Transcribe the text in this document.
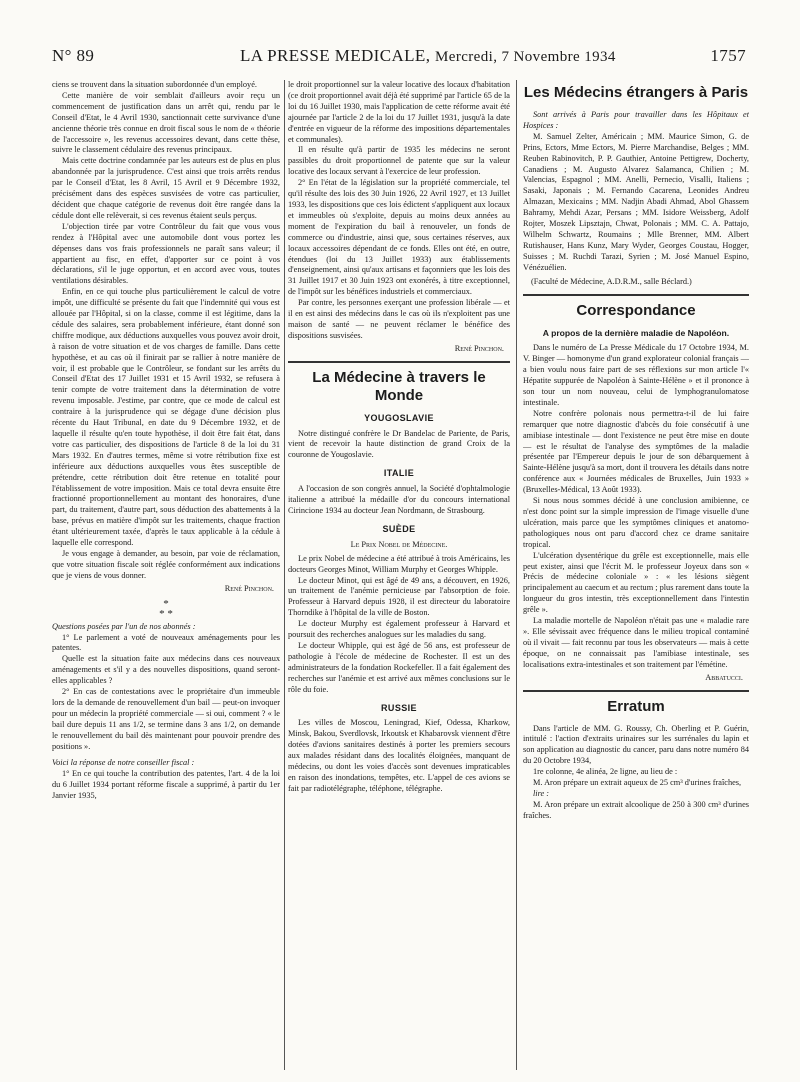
N° 89	LA PRESSE MEDICALE, Mercredi, 7 Novembre 1934	1757

ciens se trouvent dans la situation subordonnée d'un employé.

Cette manière de voir semblait d'ailleurs avoir reçu un commencement de justification dans un arrêt qui, rendu par le Conseil d'Etat, le 4 Avril 1930, sanctionnait cette survivance d'une ancienne théorie très connue en droit fiscal sous le nom de « théorie de l'accessoire », les revenus accessoires devant, dans cette thèse, suivre le classement cédulaire des revenus principaux.

Mais cette doctrine condamnée par les auteurs est de plus en plus abandonnée par la jurisprudence. C'est ainsi que trois arrêts rendus par le Conseil d'Etat, les 8 Avril, 15 Avril et 9 Décembre 1932, précisément dans des espèces susvisées de votre cas particulier, décident que chaque catégorie de revenus doit être rangée dans la cédule dont elle relèverait, si ces revenus étaient seuls perçus.

L'objection tirée par votre Contrôleur du fait que vous vous rendez à l'Hôpital avec une automobile dont vous portez les dépenses dans vos frais professionnels ne paraît sans valeur; il appartient au fisc, en effet, d'apporter sur ce point à vos déclarations, s'il le juge opportun, et en accord avec vous, toutes ventilations désirables.

Enfin, en ce qui touche plus particulièrement le calcul de votre impôt, une difficulté se présente du fait que l'indemnité qui vous est allouée par l'Hôpital, si on la classe, comme il est légitime, dans la cédule des salaires, sera probablement inférieure, étant donné son chiffre modique, aux déductions auxquelles vous pouvez avoir droit, à raison de votre situation et de vos charges de famille. Dans cette hypothèse, et au cas où il finirait par se rallier à notre manière de voir, il est probable que le Contrôleur, se fondant sur les arrêts du Conseil d'Etat des 17 Juillet 1931 et 15 Avril 1932, se refusera à tenir compte de votre traitement dans la détermination de votre revenu imposable. J'estime, par contre, que ce mode de calcul est contraire à la jurisprudence qui se dégage d'une décision plus récente du Haut Tribunal, en date du 9 Décembre 1932, et de laquelle il résulte qu'en toute hypothèse, il doit être fait état, dans votre cas particulier, des dispositions de l'article 8 de la loi du 31 Mars 1932. En d'autres termes, même si votre rétribution fixe est inférieure aux déductions auxquelles vous êtes susceptible de prétendre, cette rétribution doit être retenue en totalité pour l'établissement de votre imposition. Mais ce total devra ensuite être fractionné proportionnellement au montant des honoraires, d'une part, du traitement, d'autre part, sous déduction des abattements à la base, prévus en matière d'impôt sur les traitements, chaque fraction étant ultérieurement taxée, d'après le taux applicable à la cédule à laquelle elle correspond.

Je vous engage à demander, au besoin, par voie de réclamation, que votre situation fiscale soit réglée conformément aux indications que je viens de vous donner.

René Pinchon.

*
* *

Questions posées par l'un de nos abonnés :

1° Le parlement a voté de nouveaux aménagements pour les patentes.

Quelle est la situation faite aux médecins dans ces nouveaux aménagements et s'il y a des nouvelles dispositions, quand seront-elles applicables ?

2° En cas de contestations avec le propriétaire d'un immeuble lors de la demande de renouvellement d'un bail — peut-on invoquer pour un médecin la propriété commerciale — si oui, comment ? « le bail dure depuis 11 ans 1/2, se termine dans 3 ans 1/2, on demande le renouvellement du bail dès maintenant pour pouvoir prendre des positions ».

Voici la réponse de notre conseiller fiscal :

1° En ce qui touche la contribution des patentes, l'art. 4 de la loi du 6 Juillet 1934 portant réforme fiscale a supprimé, à partir du 1er Janvier 1935,

le droit proportionnel sur la valeur locative des locaux d'habitation (ce droit proportionnel avait déjà été supprimé par l'article 65 de la loi du 16 Juillet 1930, mais l'application de cette réforme avait été ajournée par l'article 2 de la loi du 17 Juillet 1931, jusqu'à la date d'entrée en vigueur de la réforme des impositions départementales et communales).

Il en résulte qu'à partir de 1935 les médecins ne seront passibles du droit proportionnel de patente que sur la valeur locative des locaux servant à l'exercice de leur profession.

2° En l'état de la législation sur la propriété commerciale, tel qu'il résulte des lois des 30 Juin 1926, 22 Avril 1927, et 13 Juillet 1933, les dispositions que ces lois édictent s'appliquent aux locaux et immeubles où s'exploite, depuis au moins deux années au moment de l'expiration du bail à renouveler, un fonds de commerce ou d'industrie, ainsi que, sous certaines réserves, aux locaux accessoires dépendant de ce fonds. Elles ont été, en outre, étendues (loi du 13 Juillet 1933) aux établissements d'enseignement, ainsi qu'aux artisans et façonniers que les lois des 31 Juillet 1917 et 30 Juin 1923 ont exonérés, à titre exceptionnel, de l'impôt sur les bénéfices industriels et commerciaux.

Par contre, les personnes exerçant une profession libérale — et il en est ainsi des médecins dans le cas où ils n'exploitent pas une maison de santé — ne peuvent réclamer le bénéfice des dispositions susvisées.

René Pinchon.

La Médecine à travers le Monde

YOUGOSLAVIE

Notre distingué confrère le Dr Bandelac de Pariente, de Paris, vient de recevoir la haute distinction de grand Croix de la couronne de Yougoslavie.

ITALIE

A l'occasion de son congrès annuel, la Société d'ophtalmologie italienne a attribué la médaille d'or du concours international Cirincione 1934 au docteur Jean Nordmann, de Strasbourg.

SUÈDE

Le Prix Nobel de Médecine.

Le prix Nobel de médecine a été attribué à trois Américains, les docteurs Georges Minot, William Murphy et Georges Whipple.

Le docteur Minot, qui est âgé de 49 ans, a découvert, en 1926, un traitement de l'anémie pernicieuse par l'absorption de foie. Professeur à Harvard depuis 1928, il est directeur du laboratoire Thorndike à l'hôpital de la ville de Boston.

Le docteur Murphy est également professeur à Harvard et poursuit des recherches analogues sur les maladies du sang.

Le docteur Whipple, qui est âgé de 56 ans, est professeur de pathologie à l'école de médecine de Rochester. Il est un des administrateurs de la fondation Rockefeller. Il a fait également des recherches sur l'anémie et est arrivé aux mêmes conclusions sur le rôle du foie.

RUSSIE

Les villes de Moscou, Leningrad, Kief, Odessa, Kharkow, Minsk, Bakou, Sverdlovsk, Irkoutsk et Khabarovsk viennent d'être dotées d'avions sanitaires destinés à porter les premiers secours aux malades résidant dans des localités éloignées, manquant de médecins, ou dont les voies d'accès sont devenues impraticables en raison des inondations, tempêtes, etc. L'appel de ces avions se fait par radiotélégraphe, téléphone, télégraphe.

Les Médecins étrangers à Paris

Sont arrivés à Paris pour travailler dans les Hôpitaux et Hospices :

M. Samuel Zelter, Américain ; MM. Maurice Simon, G. de Prins, Ectors, Mme Ectors, M. Pierre Marchandise, Belges ; MM. Reuben Rabinovitch, P. P. Gauthier, Antoine Pettigrew, Docherty, Canadiens ; M. Augusto Alvarez Salamanca, Chilien ; M. Valencias, Espagnol ; MM. Anelli, Pernecio, Visalli, Italiens ; Sasaki, Japonais ; M. Fernando Cacarena, Leonides Andreu Almazan, Mexicains ; MM. Nadjin Abadi Ahmad, Abol Ghassem Bahramy, Mehdi Azar, Persans ; MM. Isidore Weissberg, Adolf Rojter, Moszek Lipsztajn, Chwat, Polonais ; MM. C. A. Pattajo, Wilhelm Schwartz, Roumains ; Mlle Brenner, MM. Albert Rutishauser, Hans Kunz, Mary Wyder, Georges Coustau, Hogger, Suisses ; M. Ruchdi Tarazi, Syrien ; M. José Manuel Espino, Vénézuélien.

(Faculté de Médecine, A.D.R.M., salle Béclard.)

Correspondance

A propos de la dernière maladie de Napoléon.

Dans le numéro de La Presse Médicale du 17 Octobre 1934, M. V. Binger — homonyme d'un grand explorateur colonial français — a bien voulu nous faire part de ses réflexions sur mon article l'« Hépatite suppurée de Napoléon à Sainte-Hélène » et il prononce à son tour un nom nouveau, celui de lymphogranulomatose intestinale.

Notre confrère polonais nous permettra-t-il de lui faire remarquer que notre diagnostic d'abcès du foie consécutif à une amibiase intestinale — dont l'existence ne peut être mise en doute — est le résultat de l'analyse des symptômes de la maladie présentée par l'Empereur depuis le jour de son débarquement à Sainte-Hélène jusqu'à sa mort, dont il trouvera les détails dans notre conférence aux « Journées médicales de Bruxelles, Juin 1933 » (Bruxelles-Médical, 13 Août 1933).

Si nous nous sommes décidé à une conclusion amibienne, ce n'est donc point sur la simple impression de l'image visuelle d'une ulcération, mais parce que les symptômes cliniques et anatomo-pathologiques nous ont paru d'accord chez ce drame sanitaire tropical.

L'ulcération dysentérique du grêle est exceptionnelle, mais elle peut exister, ainsi que l'écrit M. le professeur Joyeux dans son « Précis de médecine coloniale » : « les lésions siègent principalement au caecum et au rectum ; plus rarement dans toute la longueur du gros intestin, très exceptionnellement dans l'intestin grêle ».

La maladie mortelle de Napoléon n'était pas une « maladie rare ». Elle sévissait avec fréquence dans le milieu tropical contaminé où il vivait — fait reconnu par tous les observateurs — mais à cette époque, on ne connaissait pas l'amibiase intestinale, ses localisations extra-intestinales et son traitement par l'émétine.

Abbatucci.

Erratum

Dans l'article de MM. G. Roussy, Ch. Oberling et P. Guérin, intitulé : l'action d'extraits urinaires sur les surrénales du lapin et son application au diagnostic du cancer, paru dans notre numéro 84 du 20 Octobre 1934,

1re colonne, 4e alinéa, 2e ligne, au lieu de :

M. Aron prépare un extrait aqueux de 25 cm³ d'urines fraîches,

lire :

M. Aron prépare un extrait alcoolique de 250 à 300 cm³ d'urines fraîches.
